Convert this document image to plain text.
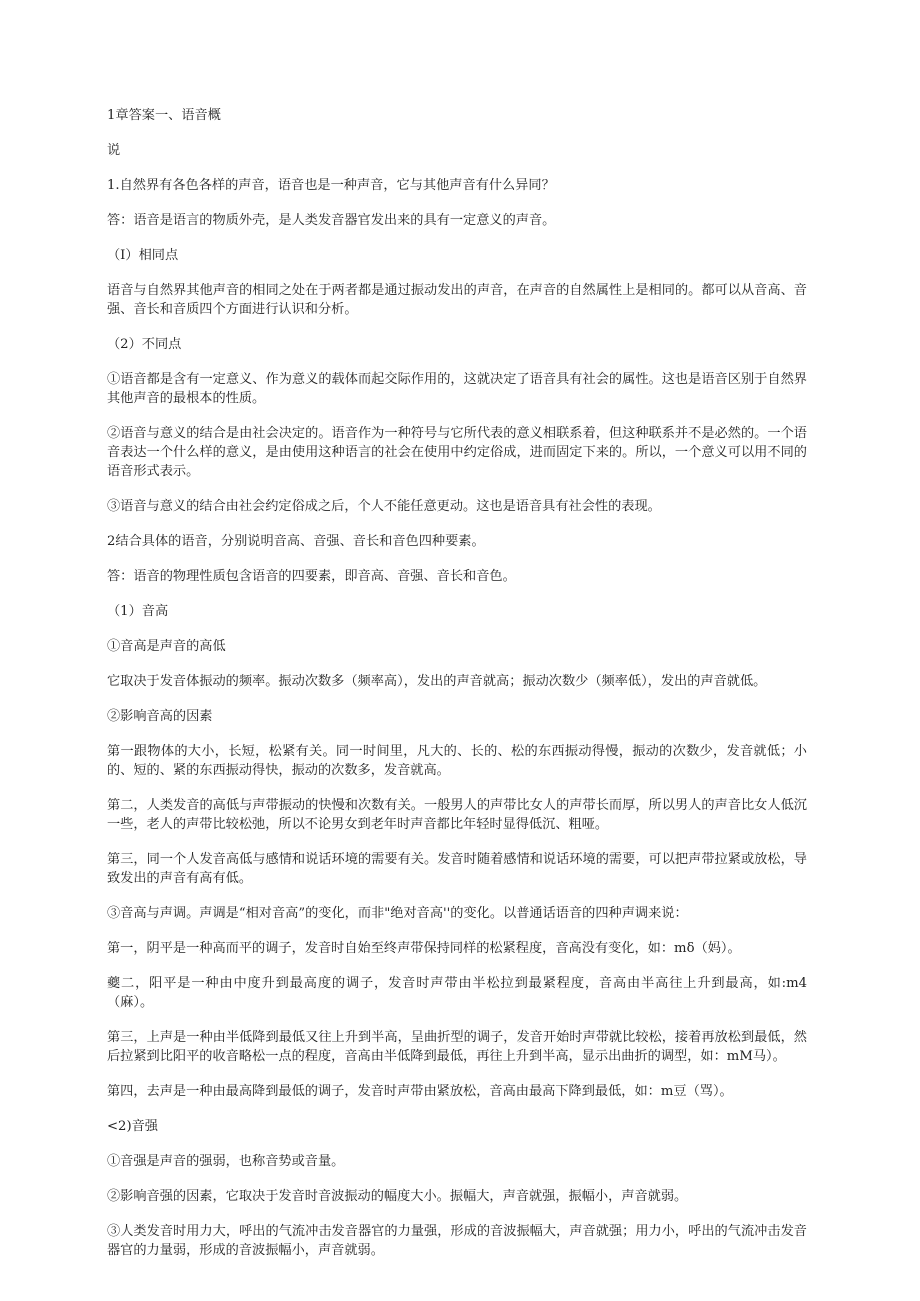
1章答案一、语音概

说

1.自然界有各色各样的声音，语音也是一种声音，它与其他声音有什么异同？

答：语音是语言的物质外壳，是人类发音器官发出来的具有一定意义的声音。

（I）相同点

语音与自然界其他声音的相同之处在于两者都是通过振动发出的声音，在声音的自然属性上是相同的。都可以从音高、音强、音长和音质四个方面进行认识和分析。

（2）不同点

①语音都是含有一定意义、作为意义的载体而起交际作用的，这就决定了语音具有社会的属性。这也是语音区别于自然界其他声音的最根本的性质。

②语音与意义的结合是由社会决定的。语音作为一种符号与它所代表的意义相联系着，但这种联系并不是必然的。一个语音表达一个什么样的意义，是由使用这种语言的社会在使用中约定俗成，进而固定下来的。所以，一个意义可以用不同的语音形式表示。

③语音与意义的结合由社会约定俗成之后，个人不能任意更动。这也是语音具有社会性的表现。

2结合具体的语音，分别说明音高、音强、音长和音色四种要素。

答：语音的物理性质包含语音的四要素，即音高、音强、音长和音色。

（1）音高

①音高是声音的高低

它取决于发音体振动的频率。振动次数多（频率高），发出的声音就高；振动次数少（频率低），发出的声音就低。

②影响音高的因素

第一跟物体的大小，长短，松紧有关。同一时间里，凡大的、长的、松的东西振动得慢，振动的次数少，发音就低；小的、短的、紧的东西振动得快，振动的次数多，发音就高。

第二，人类发音的高低与声带振动的快慢和次数有关。一般男人的声带比女人的声带长而厚，所以男人的声音比女人低沉一些，老人的声带比较松弛，所以不论男女到老年时声音都比年轻时显得低沉、粗哑。

第三，同一个人发音高低与感情和说话环境的需要有关。发音时随着感情和说话环境的需要，可以把声带拉紧或放松，导致发出的声音有高有低。

③音高与声调。声调是“相对音高”的变化，而非"绝对音高''的变化。以普通话语音的四种声调来说：

第一，阴平是一种高而平的调子，发音时自始至终声带保持同样的松紧程度，音高没有变化，如：mδ（妈）。

夔二，阳平是一种由中度升到最高度的调子，发音时声带由半松拉到最紧程度，音高由半高往上升到最高，如:m4（麻）。

第三，上声是一种由半低降到最低又往上升到半高，呈曲折型的调子，发音开始时声带就比较松，接着再放松到最低，然后拉紧到比阳平的收音略松一点的程度，音高由半低降到最低，再往上升到半高，显示出曲折的调型，如：mM马）。

第四，去声是一种由最高降到最低的调子，发音时声带由紧放松，音高由最高下降到最低，如：m豆（骂）。

<2)音强

①音强是声音的强弱，也称音势或音量。

②影响音强的因素，它取决于发音时音波振动的幅度大小。振幅大，声音就强，振幅小，声音就弱。

③人类发音时用力大，呼出的气流冲击发音器官的力量强，形成的音波振幅大，声音就强；用力小，呼出的气流冲击发音器官的力量弱，形成的音波振幅小，声音就弱。
